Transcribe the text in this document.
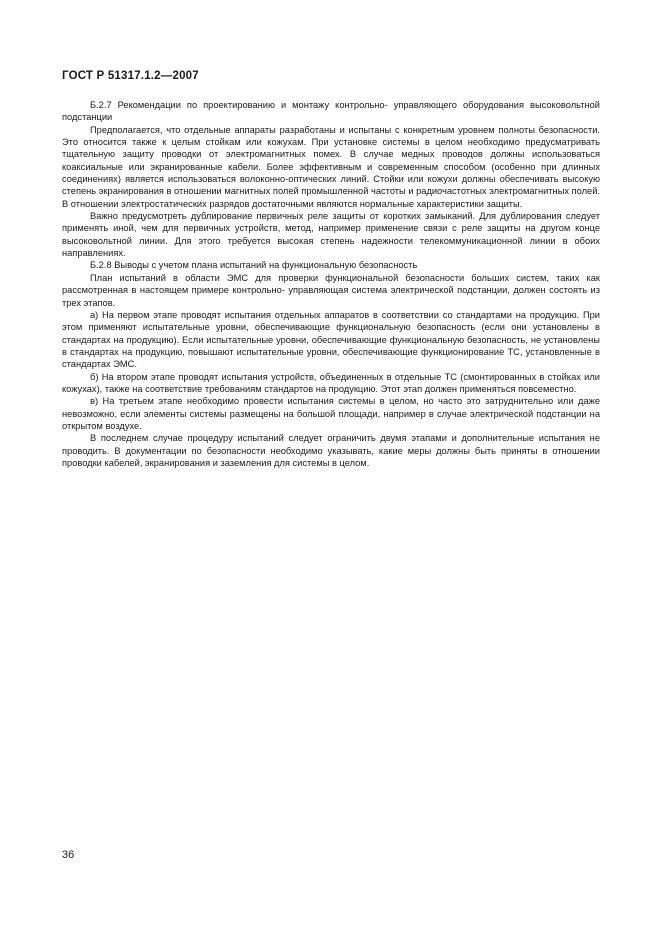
ГОСТ Р 51317.1.2—2007

Б.2.7 Рекомендации по проектированию и монтажу контрольно- управляющего оборудования высоковольтной подстанции

Предполагается, что отдельные аппараты разработаны и испытаны с конкретным уровнем полноты безопасности. Это относится также к целым стойкам или кожухам. При установке системы в целом необходимо предусматривать тщательную защиту проводки от электромагнитных помех. В случае медных проводов должны использоваться коаксиальные или экранированные кабели. Более эффективным и современным способом (особенно при длинных соединениях) является использоваться волоконно-оптических линий. Стойки или кожухи должны обеспечивать высокую степень экранирования в отношении магнитных полей промышленной частоты и радиочастотных электромагнитных полей. В отношении электростатических разрядов достаточными являются нормальные характеристики защиты.

Важно предусмотреть дублирование первичных реле защиты от коротких замыканий. Для дублирования следует применять иной, чем для первичных устройств, метод, например применение связи с реле защиты на другом конце высоковольтной линии. Для этого требуется высокая степень надежности телекоммуникационной линии в обоих направлениях.

Б.2.8 Выводы с учетом плана испытаний на функциональную безопасность

План испытаний в области ЭМС для проверки функциональной безопасности больших систем, таких как рассмотренная в настоящем примере контрольно- управляющая система электрической подстанции, должен состоять из трех этапов.

а) На первом этапе проводят испытания отдельных аппаратов в соответствии со стандартами на продукцию. При этом применяют испытательные уровни, обеспечивающие функциональную безопасность (если они установлены в стандартах на продукцию). Если испытательные уровни, обеспечивающие функциональную безопасность, не установлены в стандартах на продукцию, повышают испытательные уровни, обеспечивающие функционирование ТС, установленные в стандартах ЭМС.

б) На втором этапе проводят испытания устройств, объединенных в отдельные ТС (смонтированных в стойках или кожухах), также на соответствие требованиям стандартов на продукцию. Этот этап должен применяться повсеместно.

в) На третьем этапе необходимо провести испытания системы в целом, но часто это затруднительно или даже невозможно, если элементы системы размещены на большой площади, например в случае электрической подстанции на открытом воздухе.

В последнем случае процедуру испытаний следует ограничить двумя этапами и дополнительные испытания не проводить. В документации по безопасности необходимо указывать, какие меры должны быть приняты в отношении проводки кабелей, экранирования и заземления для системы в целом.

36
